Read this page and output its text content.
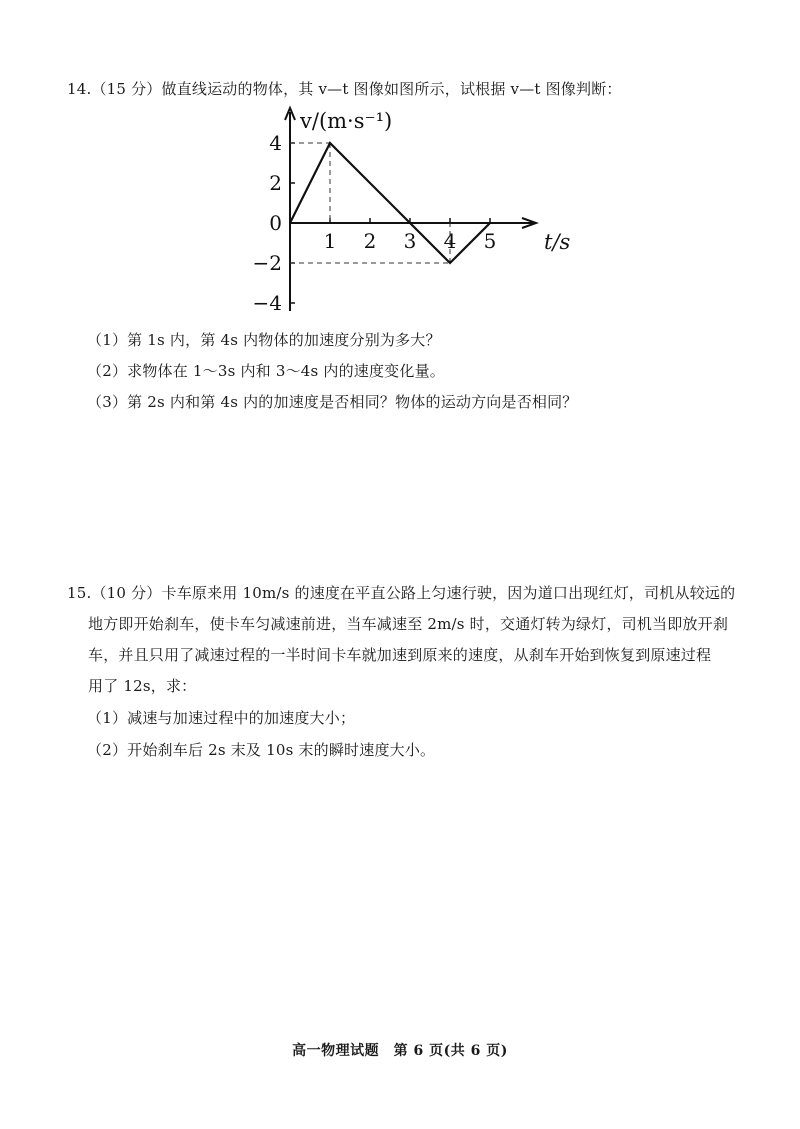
14.（15 分）做直线运动的物体，其 v—t 图像如图所示，试根据 v—t 图像判断：
1 2 3 4 5
4
2
0
−2
−4
v/(m·s⁻¹)
t/s
（1）第 1s 内，第 4s 内物体的加速度分别为多大？
（2）求物体在 1～3s 内和 3～4s 内的速度变化量。
（3）第 2s 内和第 4s 内的加速度是否相同？物体的运动方向是否相同？
15.（10 分）卡车原来用 10m/s 的速度在平直公路上匀速行驶，因为道口出现红灯，司机从较远的
地方即开始刹车，使卡车匀减速前进，当车减速至 2m/s 时，交通灯转为绿灯，司机当即放开刹
车，并且只用了减速过程的一半时间卡车就加速到原来的速度，从刹车开始到恢复到原速过程
用了 12s，求：
（1）减速与加速过程中的加速度大小；
（2）开始刹车后 2s 末及 10s 末的瞬时速度大小。
高一物理试题　第 6 页(共 6 页)
